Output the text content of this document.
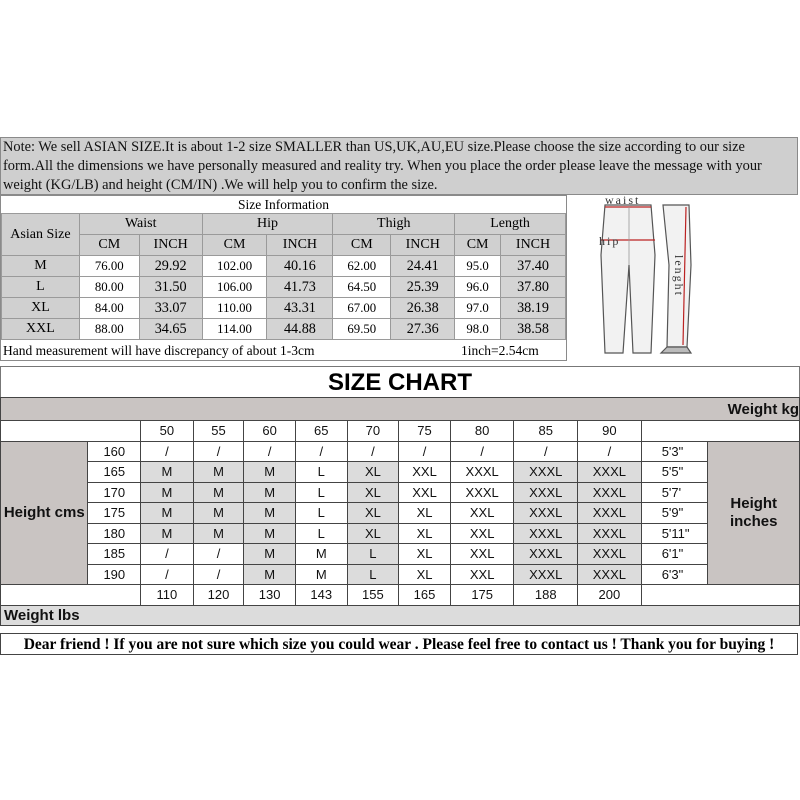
Note: We sell ASIAN SIZE.It is about 1-2 size SMALLER than US,UK,AU,EU size.Please choose the size according to our size form.All the dimensions we have personally measured and reality try. When you place the order please leave the message with your weight (KG/LB) and height (CM/IN) .We will help you to confirm the size.
Size Information
Asian Size	Waist		Hip		Thigh		Length	
	CM	INCH	CM	INCH	CM	INCH	CM	INCH
M	76.00	29.92	102.00	40.16	62.00	24.41	95.0	37.40
L	80.00	31.50	106.00	41.73	64.50	25.39	96.0	37.80
XL	84.00	33.07	110.00	43.31	67.00	26.38	97.0	38.19
XXL	88.00	34.65	114.00	44.88	69.50	27.36	98.0	38.58
Hand measurement will have discrepancy of about 1-3cm	1inch=2.54cm
waist
hip
lenght
SIZE CHART
Weight kg												
		50	55	60	65	70	75	80	85	90		
Height cms	160	/	/	/	/	/	/	/	/	/	5'3"	Height inches
	165	M	M	M	L	XL	XXL	XXXL	XXXL	XXXL	5'5"	
	170	M	M	M	L	XL	XXL	XXXL	XXXL	XXXL	5'7'	
	175	M	M	M	L	XL	XL	XXL	XXXL	XXXL	5'9"	
	180	M	M	M	L	XL	XL	XXL	XXXL	XXXL	5'11"	
	185	/	/	M	M	L	XL	XXL	XXXL	XXXL	6'1"	
	190	/	/	M	M	L	XL	XXL	XXXL	XXXL	6'3"	
		110	120	130	143	155	165	175	188	200		
Weight lbs												
Dear friend ! If you are not sure which size you could wear . Please feel free to contact us ! Thank you for buying !
